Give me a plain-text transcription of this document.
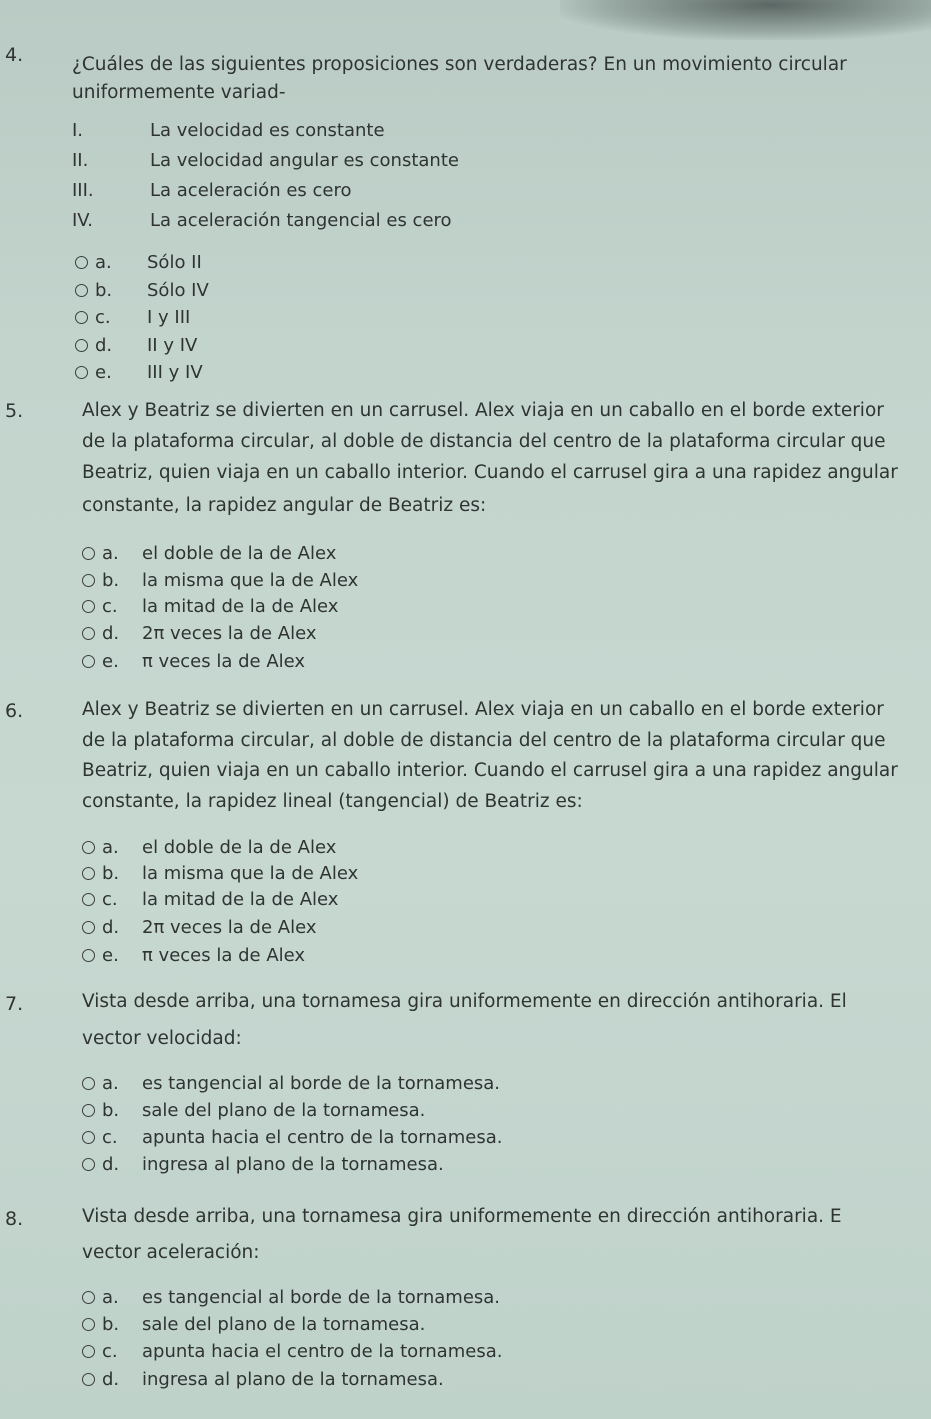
4.	¿Cuáles de las siguientes proposiciones son verdaderas? En un movimiento circular
uniformemente variad-
I.	La velocidad es constante
II.	La velocidad angular es constante
III.	La aceleración es cero
IV.	La aceleración tangencial es cero
a.	Sólo II
b.	Sólo IV
c.	I y III
d.	II y IV
e.	III y IV
5.	Alex y Beatriz se divierten en un carrusel. Alex viaja en un caballo en el borde exterior
de la plataforma circular, al doble de distancia del centro de la plataforma circular que
Beatriz, quien viaja en un caballo interior. Cuando el carrusel gira a una rapidez angular
constante, la rapidez angular de Beatriz es:
a.	el doble de la de Alex
b.	la misma que la de Alex
c.	la mitad de la de Alex
d.	2π veces la de Alex
e.	π veces la de Alex
6.	Alex y Beatriz se divierten en un carrusel. Alex viaja en un caballo en el borde exterior
de la plataforma circular, al doble de distancia del centro de la plataforma circular que
Beatriz, quien viaja en un caballo interior. Cuando el carrusel gira a una rapidez angular
constante, la rapidez lineal (tangencial) de Beatriz es:
a.	el doble de la de Alex
b.	la misma que la de Alex
c.	la mitad de la de Alex
d.	2π veces la de Alex
e.	π veces la de Alex
7.	Vista desde arriba, una tornamesa gira uniformemente en dirección antihoraria. El
vector velocidad:
a.	es tangencial al borde de la tornamesa.
b.	sale del plano de la tornamesa.
c.	apunta hacia el centro de la tornamesa.
d.	ingresa al plano de la tornamesa.
8.	Vista desde arriba, una tornamesa gira uniformemente en dirección antihoraria. E
vector aceleración:
a.	es tangencial al borde de la tornamesa.
b.	sale del plano de la tornamesa.
c.	apunta hacia el centro de la tornamesa.
d.	ingresa al plano de la tornamesa.
